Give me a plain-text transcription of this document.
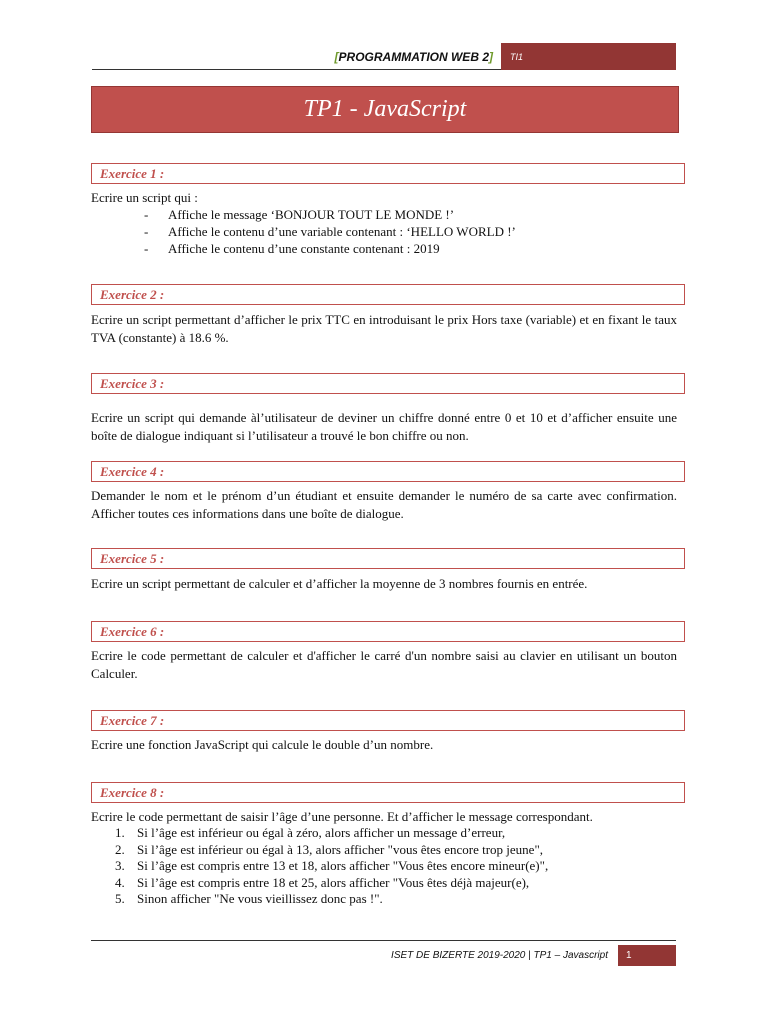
[PROGRAMMATION WEB 2]	TI1
TP1 - JavaScript
Exercice 1 :

Ecrire un script qui :

- Affiche le message ‘BONJOUR TOUT LE MONDE !’
- Affiche le contenu d’une variable contenant : ‘HELLO WORLD !’
- Affiche le contenu d’une constante contenant : 2019
Exercice 2 :

Ecrire un script permettant d’afficher le prix TTC en introduisant le prix Hors taxe (variable) et en fixant le taux TVA (constante) à 18.6 %.

Exercice 3 :

Ecrire un script qui demande àl’utilisateur de deviner un chiffre donné entre 0 et 10 et d’afficher ensuite une boîte de dialogue indiquant si l’utilisateur a trouvé le bon chiffre ou non.

Exercice 4 :

Demander le nom et le prénom d’un étudiant et ensuite demander le numéro de sa carte avec confirmation. Afficher toutes ces informations dans une boîte de dialogue.

Exercice 5 :

Ecrire un script permettant de calculer et d’afficher la moyenne de 3 nombres fournis en entrée.

Exercice 6 :

Ecrire le code permettant de calculer et d'afficher le carré d'un nombre saisi au clavier en utilisant un bouton Calculer.

Exercice 7 :

Ecrire une fonction JavaScript qui calcule le double d’un nombre.

Exercice 8 :

Ecrire le code permettant de saisir l’âge d’une personne. Et d’afficher le message correspondant.

1. Si l’âge est inférieur ou égal à zéro, alors afficher un message d’erreur,
2. Si l’âge est inférieur ou égal à 13, alors afficher "vous êtes encore trop jeune",
3. Si l’âge est compris entre 13 et 18, alors afficher "Vous êtes encore mineur(e)",
4. Si l’âge est compris entre 18 et 25, alors afficher "Vous êtes déjà majeur(e),
5. Sinon afficher "Ne vous vieillissez donc pas !".
ISET DE BIZERTE 2019-2020 | TP1 – Javascript	1
